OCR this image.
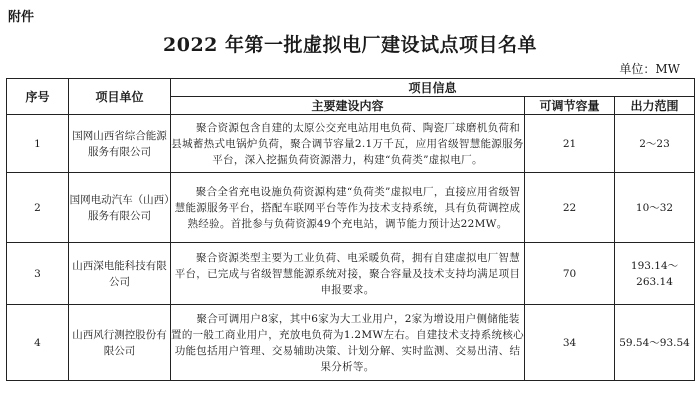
附件
2022 年第一批虚拟电厂建设试点项目名单
单位：MW
序号	项目单位	项目信息		
		主要建设内容	可调节容量	出力范围
1	国网山西省综合能源服务有限公司	聚合资源包含自建的太原公交充电站用电负荷、陶瓷厂球磨机负荷和县城蓄热式电锅炉负荷，聚合调节容量2.1万千瓦，应用省级智慧能源服务平台，深入挖掘负荷资源潜力，构建“负荷类”虚拟电厂。	21	2～23
2	国网电动汽车（山西）服务有限公司	聚合全省充电设施负荷资源构建“负荷类”虚拟电厂，直接应用省级智慧能源服务平台，搭配车联网平台等作为技术支持系统，具有负荷调控成熟经验。首批参与负荷资源49个充电站，调节能力预计达22MW。	22	10～32
3	山西深电能科技有限公司	聚合资源类型主要为工业负荷、电采暖负荷，拥有自建虚拟电厂智慧平台，已完成与省级智慧能源系统对接，聚合容量及技术支持均满足项目申报要求。	70	193.14～263.14
4	山西风行测控股份有限公司	聚合可调用户8家，其中6家为大工业用户，2家为增设用户侧储能装置的一般工商业用户，充放电负荷为1.2MW左右。自建技术支持系统核心功能包括用户管理、交易辅助决策、计划分解、实时监测、交易出清、结果分析等。	34	59.54～93.54
